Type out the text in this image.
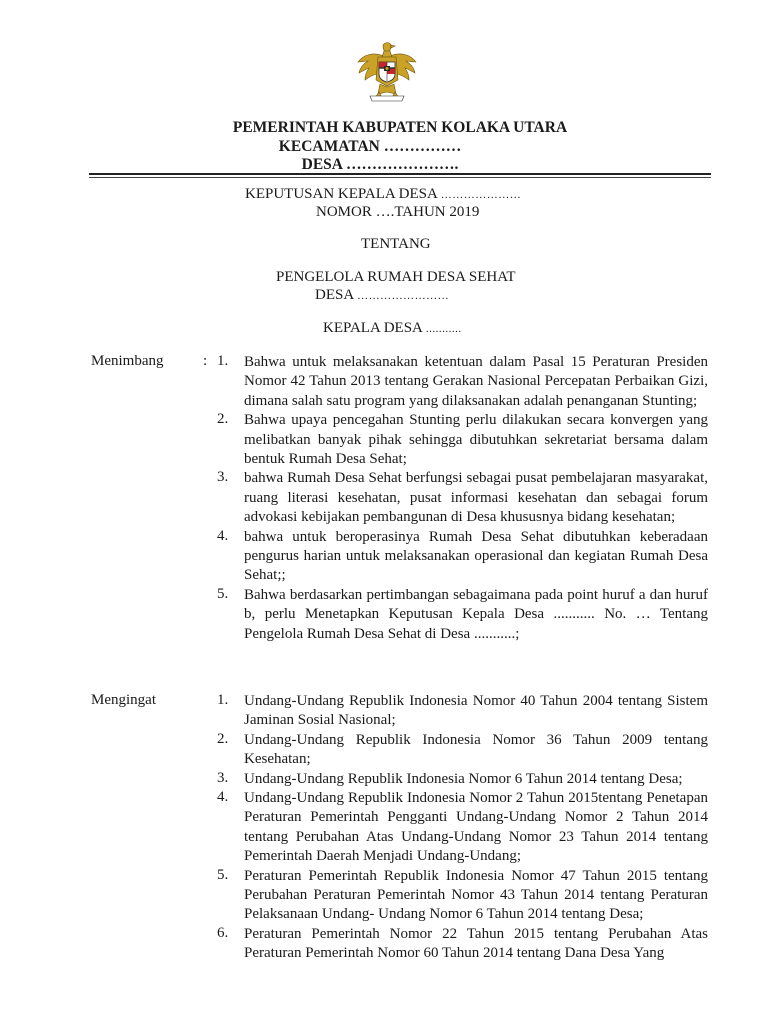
PEMERINTAH KABUPATEN KOLAKA UTARA
KECAMATAN ……………
DESA ………………….
KEPUTUSAN KEPALA DESA …………………
NOMOR ….TAHUN 2019
TENTANG
PENGELOLA RUMAH DESA SEHAT
DESA ……………………
KEPALA DESA ...........
Menimbang	: 1.	Bahwa untuk melaksanakan ketentuan dalam Pasal 15 Peraturan Presiden Nomor 42 Tahun 2013 tentang Gerakan Nasional Percepatan Perbaikan Gizi, dimana salah satu program yang dilaksanakan adalah penanganan Stunting;
2.	Bahwa upaya pencegahan Stunting perlu dilakukan secara konvergen yang melibatkan banyak pihak sehingga dibutuhkan sekretariat bersama dalam bentuk Rumah Desa Sehat;
3.	bahwa Rumah Desa Sehat berfungsi sebagai pusat pembelajaran masyarakat, ruang literasi kesehatan, pusat informasi kesehatan dan sebagai forum advokasi kebijakan pembangunan di Desa khususnya bidang kesehatan;
4.	bahwa untuk beroperasinya Rumah Desa Sehat dibutuhkan keberadaan pengurus harian untuk melaksanakan operasional dan kegiatan Rumah Desa Sehat;;
5.	Bahwa berdasarkan pertimbangan sebagaimana pada point huruf a dan huruf b, perlu Menetapkan Keputusan Kepala Desa ........... No. … Tentang Pengelola Rumah Desa Sehat di Desa ...........;
Mengingat	1.	Undang-Undang Republik Indonesia Nomor 40 Tahun 2004 tentang Sistem Jaminan Sosial Nasional;
2.	Undang-Undang Republik Indonesia Nomor 36 Tahun 2009 tentang Kesehatan;
3.	Undang-Undang Republik Indonesia Nomor 6 Tahun 2014 tentang Desa;
4.	Undang-Undang Republik Indonesia Nomor 2 Tahun 2015tentang Penetapan Peraturan Pemerintah Pengganti Undang-Undang Nomor 2 Tahun 2014 tentang Perubahan Atas Undang-Undang Nomor 23 Tahun 2014 tentang Pemerintah Daerah Menjadi Undang-Undang;
5.	Peraturan Pemerintah Republik Indonesia Nomor 47 Tahun 2015 tentang Perubahan Peraturan Pemerintah Nomor 43 Tahun 2014 tentang Peraturan Pelaksanaan Undang- Undang Nomor 6 Tahun 2014 tentang Desa;
6.	Peraturan Pemerintah Nomor 22 Tahun 2015 tentang Perubahan Atas Peraturan Pemerintah Nomor 60 Tahun 2014 tentang Dana Desa Yang
